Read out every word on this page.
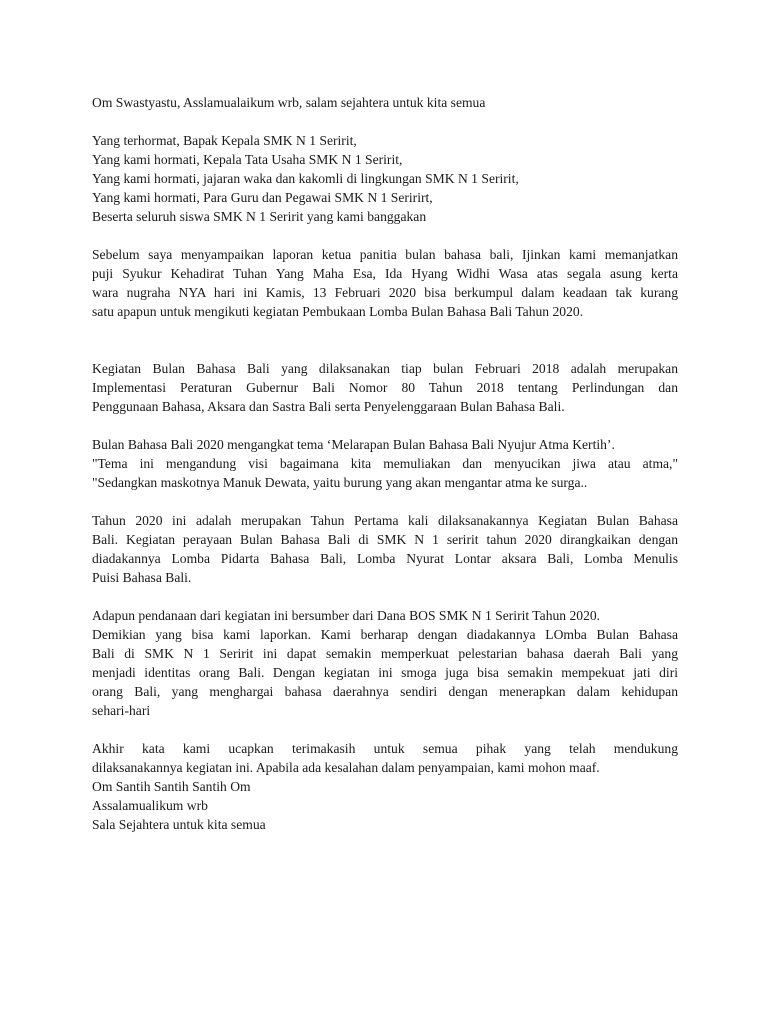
Om Swastyastu, Asslamualaikum wrb, salam sejahtera untuk kita semua
Yang terhormat, Bapak Kepala SMK N 1 Seririt,
Yang kami hormati, Kepala Tata Usaha SMK N 1 Seririt,
Yang kami hormati, jajaran waka dan kakomli di lingkungan SMK N 1 Seririt,
Yang kami hormati, Para Guru dan Pegawai SMK N 1 Seririrt,
Beserta seluruh siswa SMK N 1 Seririt yang kami banggakan
Sebelum saya menyampaikan laporan ketua panitia bulan bahasa bali, Ijinkan kami memanjatkan
puji Syukur Kehadirat Tuhan Yang Maha Esa, Ida Hyang Widhi Wasa atas segala asung kerta
wara nugraha NYA hari ini Kamis, 13 Februari 2020 bisa berkumpul dalam keadaan tak kurang
satu apapun untuk mengikuti kegiatan Pembukaan Lomba Bulan Bahasa Bali Tahun 2020.
Kegiatan Bulan Bahasa Bali yang dilaksanakan tiap bulan Februari 2018 adalah merupakan
Implementasi Peraturan Gubernur Bali Nomor 80 Tahun 2018 tentang Perlindungan dan
Penggunaan Bahasa, Aksara dan Sastra Bali serta Penyelenggaraan Bulan Bahasa Bali.
Bulan Bahasa Bali 2020 mengangkat tema ‘Melarapan Bulan Bahasa Bali Nyujur Atma Kertih’.
"Tema ini mengandung visi bagaimana kita memuliakan dan menyucikan jiwa atau atma,"
"Sedangkan maskotnya Manuk Dewata, yaitu burung yang akan mengantar atma ke surga..
Tahun 2020 ini adalah merupakan Tahun Pertama kali dilaksanakannya Kegiatan Bulan Bahasa
Bali. Kegiatan perayaan Bulan Bahasa Bali di SMK N 1 seririt tahun 2020 dirangkaikan dengan
diadakannya Lomba Pidarta Bahasa Bali, Lomba Nyurat Lontar aksara Bali, Lomba Menulis
Puisi Bahasa Bali.
Adapun pendanaan dari kegiatan ini bersumber dari Dana BOS SMK N 1 Seririt Tahun 2020.
Demikian yang bisa kami laporkan. Kami berharap dengan diadakannya LOmba Bulan Bahasa
Bali di SMK N 1 Seririt ini dapat semakin memperkuat pelestarian bahasa daerah Bali yang
menjadi identitas orang Bali. Dengan kegiatan ini smoga juga bisa semakin mempekuat jati diri
orang Bali, yang menghargai bahasa daerahnya sendiri dengan menerapkan dalam kehidupan
sehari-hari
Akhir kata kami ucapkan terimakasih untuk semua pihak yang telah mendukung
dilaksanakannya kegiatan ini. Apabila ada kesalahan dalam penyampaian, kami mohon maaf.
Om Santih Santih Santih Om
Assalamualikum wrb
Sala Sejahtera untuk kita semua
